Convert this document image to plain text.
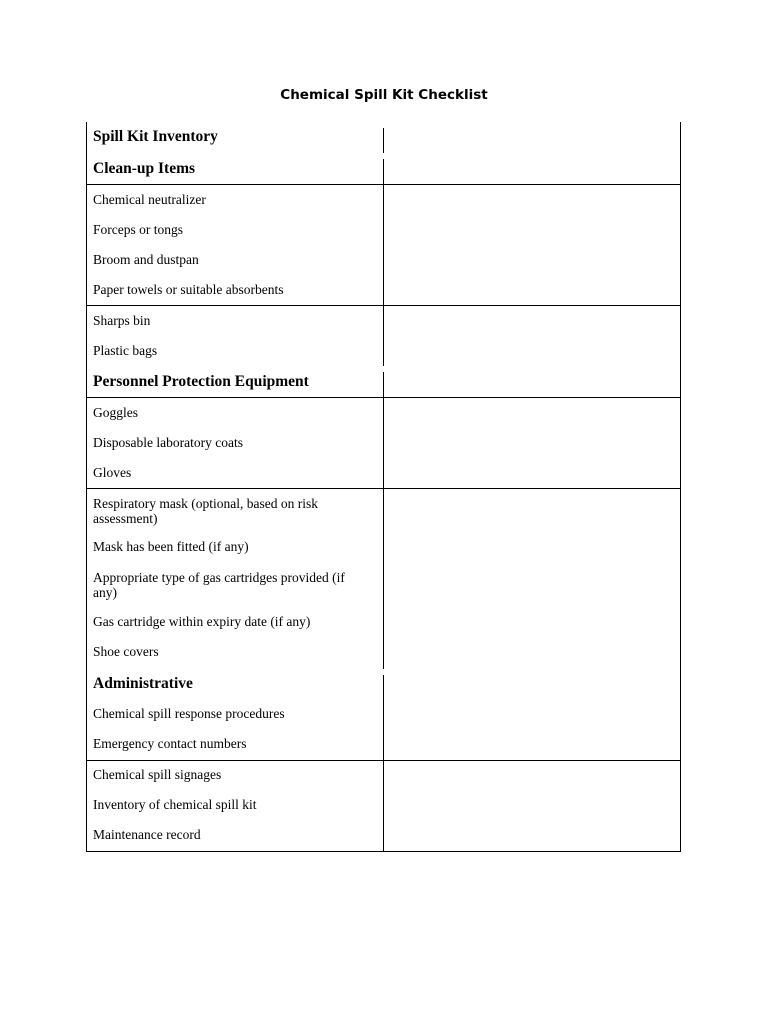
Chemical Spill Kit Checklist
Spill Kit Inventory
Clean-up Items
Personnel Protection Equipment
Administrative
Chemical neutralizer
Forceps or tongs
Broom and dustpan
Paper towels or suitable absorbents
Sharps bin
Plastic bags
Goggles
Disposable laboratory coats
Gloves
Respiratory mask (optional, based on risk assessment)
Mask has been fitted (if any)
Appropriate type of gas cartridges provided (if any)
Gas cartridge within expiry date (if any)
Shoe covers
Chemical spill response procedures
Emergency contact numbers
Chemical spill signages
Inventory of chemical spill kit
Maintenance record
